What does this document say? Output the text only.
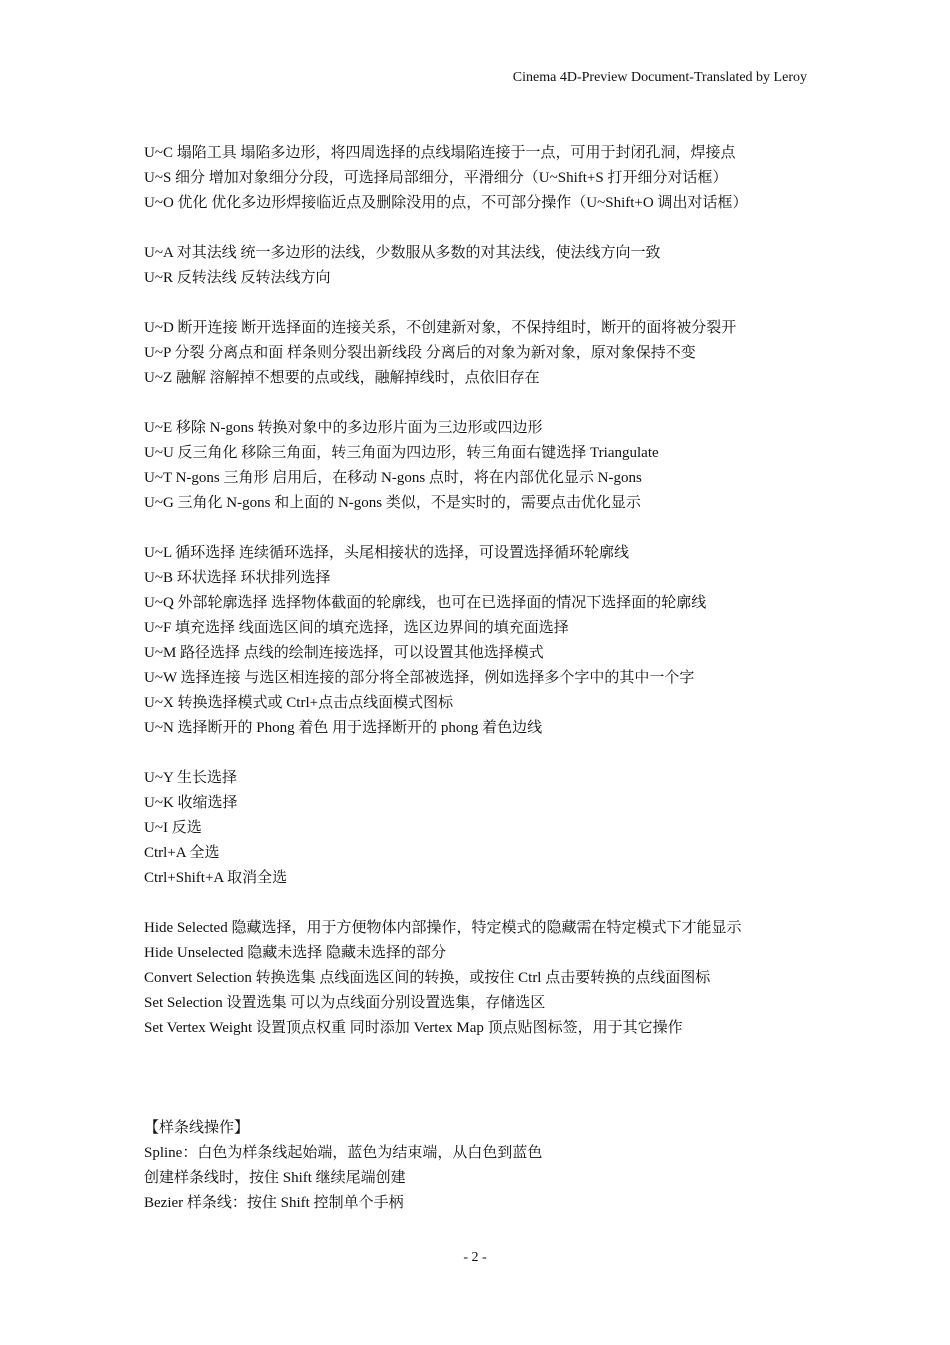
Cinema 4D-Preview Document-Translated by Leroy
U~C 塌陷工具 塌陷多边形，将四周选择的点线塌陷连接于一点，可用于封闭孔洞，焊接点
U~S 细分 增加对象细分分段，可选择局部细分，平滑细分（U~Shift+S 打开细分对话框）
U~O 优化 优化多边形焊接临近点及删除没用的点，不可部分操作（U~Shift+O 调出对话框）
U~A 对其法线 统一多边形的法线，少数服从多数的对其法线，使法线方向一致
U~R 反转法线 反转法线方向
U~D 断开连接 断开选择面的连接关系，不创建新对象，不保持组时，断开的面将被分裂开
U~P 分裂 分离点和面 样条则分裂出新线段 分离后的对象为新对象，原对象保持不变
U~Z 融解 溶解掉不想要的点或线，融解掉线时，点依旧存在
U~E 移除 N-gons 转换对象中的多边形片面为三边形或四边形
U~U 反三角化 移除三角面，转三角面为四边形，转三角面右键选择 Triangulate
U~T N-gons 三角形 启用后，在移动 N-gons 点时，将在内部优化显示 N-gons
U~G 三角化 N-gons 和上面的 N-gons 类似，不是实时的，需要点击优化显示
U~L 循环选择 连续循环选择，头尾相接状的选择，可设置选择循环轮廓线
U~B 环状选择 环状排列选择
U~Q 外部轮廓选择 选择物体截面的轮廓线，也可在已选择面的情况下选择面的轮廓线
U~F 填充选择 线面选区间的填充选择，选区边界间的填充面选择
U~M 路径选择 点线的绘制连接选择，可以设置其他选择模式
U~W 选择连接 与选区相连接的部分将全部被选择，例如选择多个字中的其中一个字
U~X 转换选择模式或 Ctrl+点击点线面模式图标
U~N 选择断开的 Phong 着色 用于选择断开的 phong 着色边线
U~Y 生长选择
U~K 收缩选择
U~I 反选
Ctrl+A 全选
Ctrl+Shift+A 取消全选
Hide Selected 隐藏选择，用于方便物体内部操作，特定模式的隐藏需在特定模式下才能显示
Hide Unselected 隐藏未选择 隐藏未选择的部分
Convert Selection 转换选集 点线面选区间的转换，或按住 Ctrl 点击要转换的点线面图标
Set Selection 设置选集 可以为点线面分别设置选集，存储选区
Set Vertex Weight 设置顶点权重 同时添加 Vertex Map 顶点贴图标签，用于其它操作
【样条线操作】
Spline：白色为样条线起始端，蓝色为结束端，从白色到蓝色
创建样条线时，按住 Shift 继续尾端创建
Bezier 样条线：按住 Shift 控制单个手柄
- 2 -
